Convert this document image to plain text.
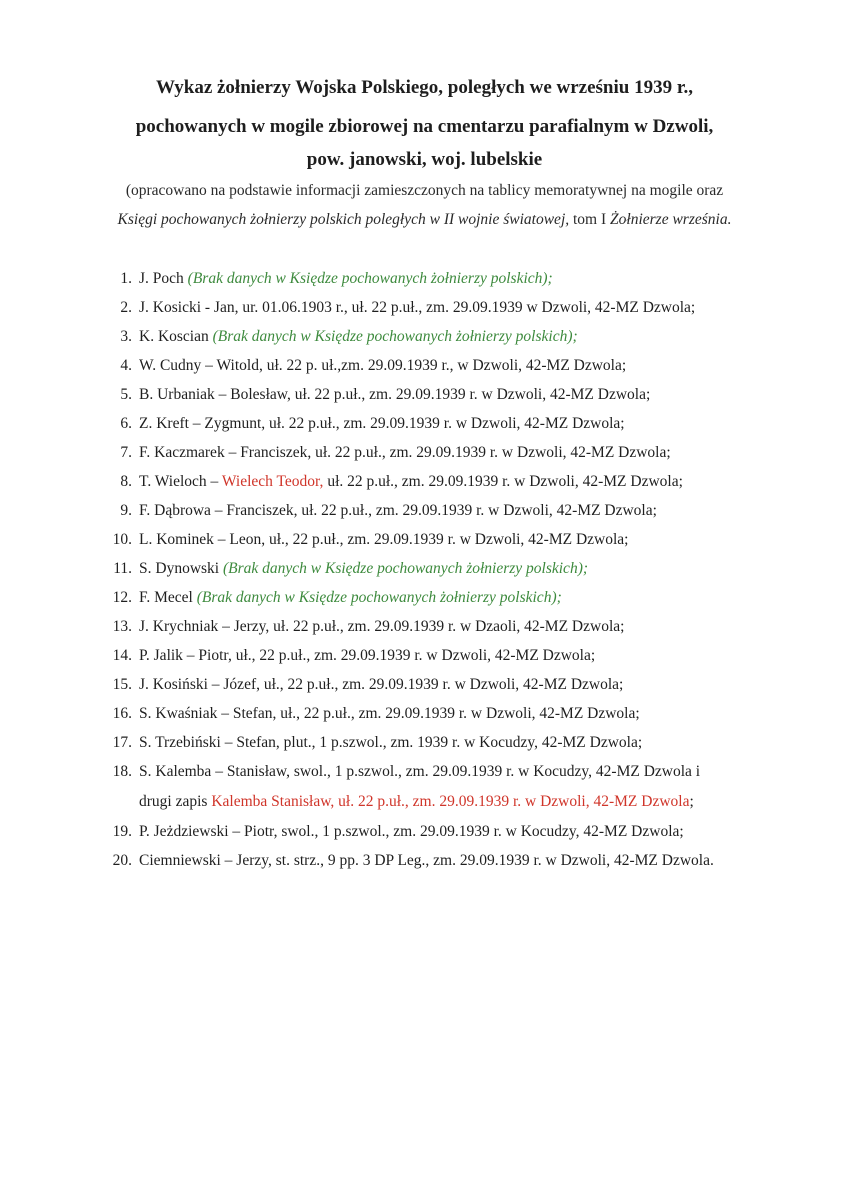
Wykaz żołnierzy Wojska Polskiego, poległych we wrześniu 1939 r.,
pochowanych w mogile zbiorowej na cmentarzu parafialnym w Dzwoli,
pow. janowski, woj. lubelskie
(opracowano na podstawie informacji zamieszczonych na tablicy memoratywnej na mogile oraz
Księgi pochowanych żołnierzy polskich poległych w II wojnie światowej, tom I Żołnierze września.
1. J. Poch (Brak danych w Księdze pochowanych żołnierzy polskich);
2. J. Kosicki - Jan, ur. 01.06.1903 r., uł. 22 p.uł., zm. 29.09.1939 w Dzwoli, 42-MZ Dzwola;
3. K. Koscian (Brak danych w Księdze pochowanych żołnierzy polskich);
4. W. Cudny – Witold, uł. 22 p. uł.,zm. 29.09.1939 r., w Dzwoli, 42-MZ Dzwola;
5. B. Urbaniak – Bolesław, uł. 22 p.uł., zm. 29.09.1939 r. w Dzwoli, 42-MZ Dzwola;
6. Z. Kreft – Zygmunt, uł. 22 p.uł., zm. 29.09.1939 r. w Dzwoli, 42-MZ Dzwola;
7. F. Kaczmarek – Franciszek, uł. 22 p.uł., zm. 29.09.1939 r. w Dzwoli, 42-MZ Dzwola;
8. T. Wieloch – Wielech Teodor, uł. 22 p.uł., zm. 29.09.1939 r. w Dzwoli, 42-MZ Dzwola;
9. F. Dąbrowa – Franciszek, uł. 22 p.uł., zm. 29.09.1939 r. w Dzwoli, 42-MZ Dzwola;
10. L. Kominek – Leon, uł., 22 p.uł., zm. 29.09.1939 r. w Dzwoli, 42-MZ Dzwola;
11. S. Dynowski (Brak danych w Księdze pochowanych żołnierzy polskich);
12. F. Mecel (Brak danych w Księdze pochowanych żołnierzy polskich);
13. J. Krychniak – Jerzy, uł. 22 p.uł., zm. 29.09.1939 r. w Dzaoli, 42-MZ Dzwola;
14. P. Jalik – Piotr, uł., 22 p.uł., zm. 29.09.1939 r. w Dzwoli, 42-MZ Dzwola;
15. J. Kosiński – Józef, uł., 22 p.uł., zm. 29.09.1939 r. w Dzwoli, 42-MZ Dzwola;
16. S. Kwaśniak – Stefan, uł., 22 p.uł., zm. 29.09.1939 r. w Dzwoli, 42-MZ Dzwola;
17. S. Trzebiński – Stefan, plut., 1 p.szwol., zm. 1939 r. w Kocudzy, 42-MZ Dzwola;
18. S. Kalemba – Stanisław, swol., 1 p.szwol., zm. 29.09.1939 r. w Kocudzy, 42-MZ Dzwola i
drugi zapis Kalemba Stanisław, uł. 22 p.uł., zm. 29.09.1939 r. w Dzwoli, 42-MZ Dzwola;
19. P. Jeżdziewski – Piotr, swol., 1 p.szwol., zm. 29.09.1939 r. w Kocudzy, 42-MZ Dzwola;
20. Ciemniewski – Jerzy, st. strz., 9 pp. 3 DP Leg., zm. 29.09.1939 r. w Dzwoli, 42-MZ Dzwola.
